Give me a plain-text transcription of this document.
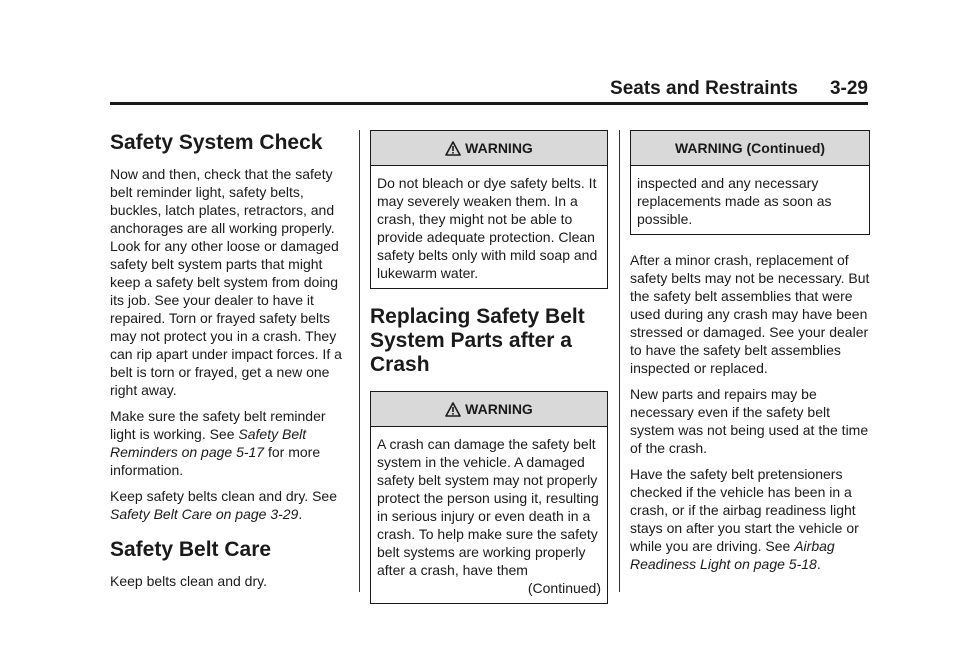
Seats and Restraints 3-29
Safety System Check

Now and then, check that the safety belt reminder light, safety belts, buckles, latch plates, retractors, and anchorages are all working properly. Look for any other loose or damaged safety belt system parts that might keep a safety belt system from doing its job. See your dealer to have it repaired. Torn or frayed safety belts may not protect you in a crash. They can rip apart under impact forces. If a belt is torn or frayed, get a new one right away.

Make sure the safety belt reminder light is working. See Safety Belt Reminders on page 5-17 for more information.

Keep safety belts clean and dry. See Safety Belt Care on page 3-29.

Safety Belt Care

Keep belts clean and dry.

WARNING
Do not bleach or dye safety belts. It may severely weaken them. In a crash, they might not be able to provide adequate protection. Clean safety belts only with mild soap and lukewarm water.
Replacing Safety Belt System Parts after a Crash
WARNING
A crash can damage the safety belt system in the vehicle. A damaged safety belt system may not properly protect the person using it, resulting in serious injury or even death in a crash. To help make sure the safety belt systems are working properly after a crash, have them
(Continued)
WARNING (Continued)
inspected and any necessary replacements made as soon as possible.

After a minor crash, replacement of safety belts may not be necessary. But the safety belt assemblies that were used during any crash may have been stressed or damaged. See your dealer to have the safety belt assemblies inspected or replaced.

New parts and repairs may be necessary even if the safety belt system was not being used at the time of the crash.

Have the safety belt pretensioners checked if the vehicle has been in a crash, or if the airbag readiness light stays on after you start the vehicle or while you are driving. See Airbag Readiness Light on page 5-18.
